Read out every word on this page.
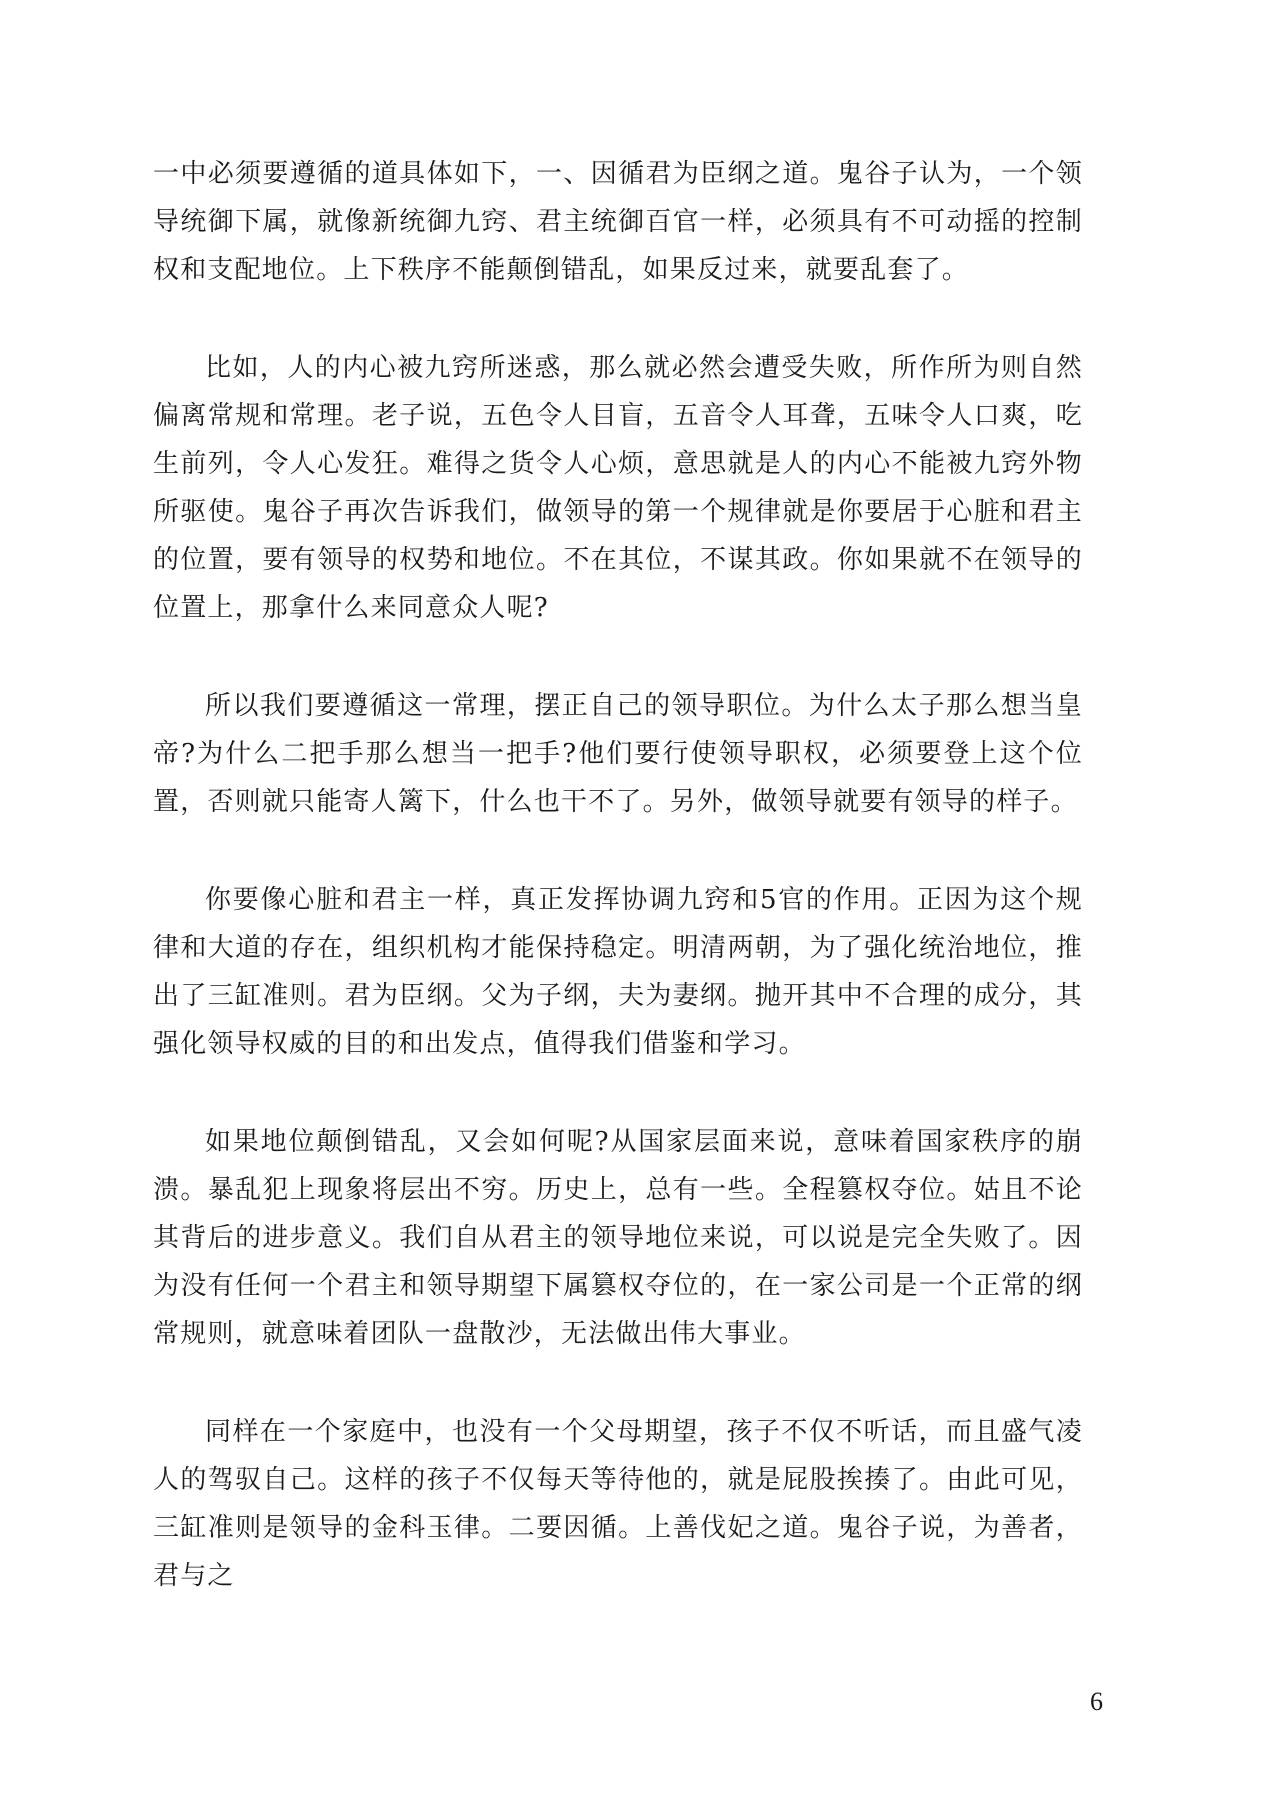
一中必须要遵循的道具体如下，一、因循君为臣纲之道。鬼谷子认为，一个领导统御下属，就像新统御九窍、君主统御百官一样，必须具有不可动摇的控制权和支配地位。上下秩序不能颠倒错乱，如果反过来，就要乱套了。

比如，人的内心被九窍所迷惑，那么就必然会遭受失败，所作所为则自然偏离常规和常理。老子说，五色令人目盲，五音令人耳聋，五味令人口爽，吃生前列，令人心发狂。难得之货令人心烦，意思就是人的内心不能被九窍外物所驱使。鬼谷子再次告诉我们，做领导的第一个规律就是你要居于心脏和君主的位置，要有领导的权势和地位。不在其位，不谋其政。你如果就不在领导的位置上，那拿什么来同意众人呢?

所以我们要遵循这一常理，摆正自己的领导职位。为什么太子那么想当皇帝?为什么二把手那么想当一把手?他们要行使领导职权，必须要登上这个位置，否则就只能寄人篱下，什么也干不了。另外，做领导就要有领导的样子。

你要像心脏和君主一样，真正发挥协调九窍和5官的作用。正因为这个规律和大道的存在，组织机构才能保持稳定。明清两朝，为了强化统治地位，推出了三缸准则。君为臣纲。父为子纲，夫为妻纲。抛开其中不合理的成分，其强化领导权威的目的和出发点，值得我们借鉴和学习。

如果地位颠倒错乱，又会如何呢?从国家层面来说，意味着国家秩序的崩溃。暴乱犯上现象将层出不穷。历史上，总有一些。全程篡权夺位。姑且不论其背后的进步意义。我们自从君主的领导地位来说，可以说是完全失败了。因为没有任何一个君主和领导期望下属篡权夺位的，在一家公司是一个正常的纲常规则，就意味着团队一盘散沙，无法做出伟大事业。

同样在一个家庭中，也没有一个父母期望，孩子不仅不听话，而且盛气凌人的驾驭自己。这样的孩子不仅每天等待他的，就是屁股挨揍了。由此可见，三缸准则是领导的金科玉律。二要因循。上善伐妃之道。鬼谷子说，为善者，君与之

6
